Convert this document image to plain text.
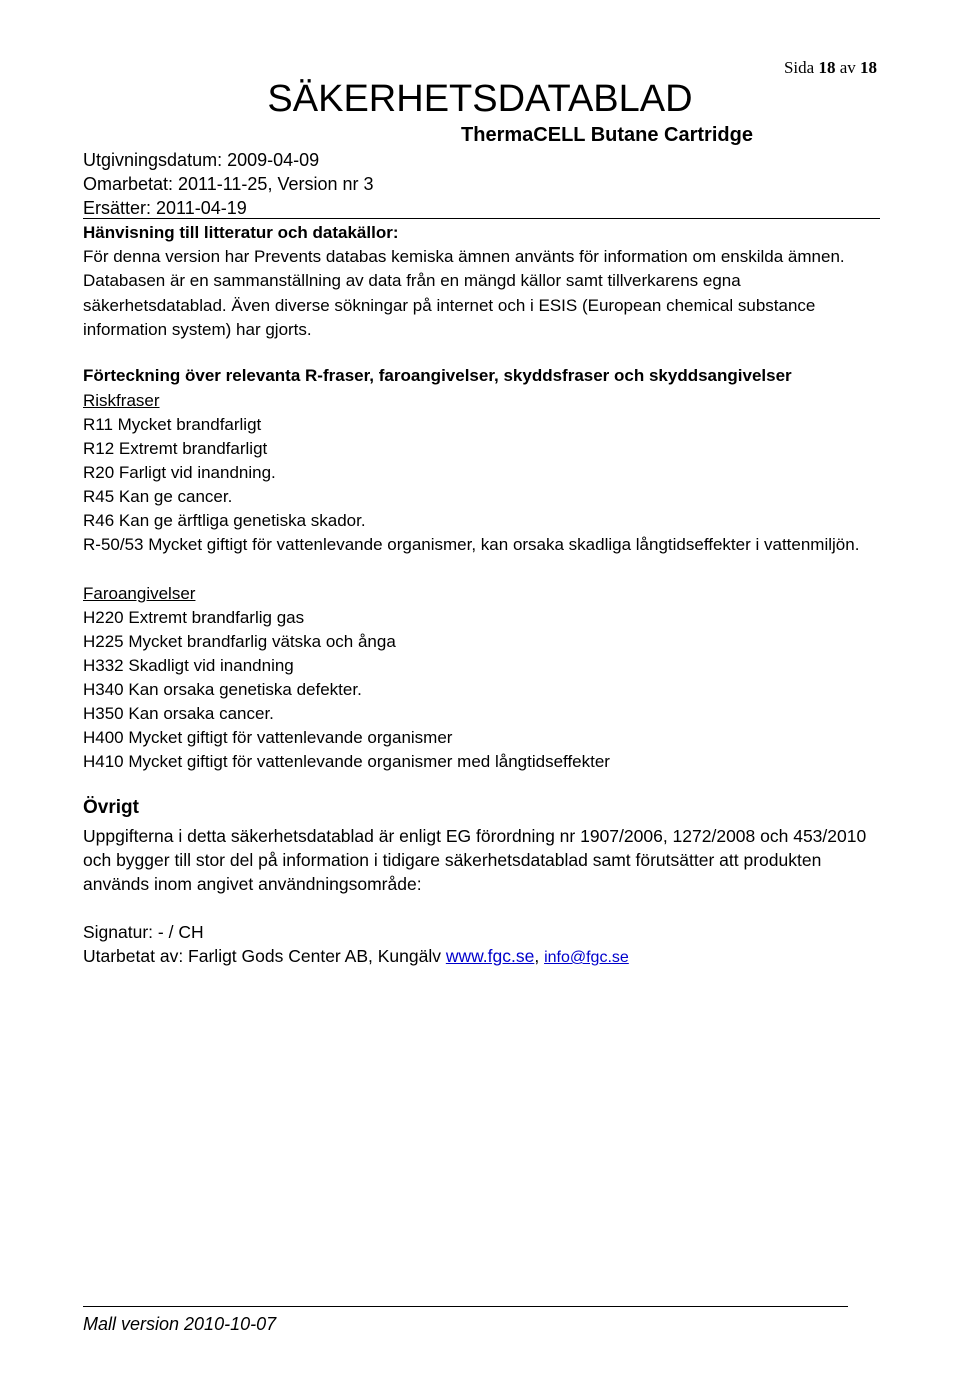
Sida 18 av 18
SÄKERHETSDATABLAD
ThermaCELL Butane Cartridge
Utgivningsdatum: 2009-04-09
Omarbetat: 2011-11-25, Version nr 3
Ersätter: 2011-04-19
Hänvisning till litteratur och datakällor:
För denna version har Prevents databas kemiska ämnen använts för information om enskilda ämnen. Databasen är en sammanställning av data från en mängd källor samt tillverkarens egna säkerhetsdatablad. Även diverse sökningar på internet och i ESIS (European chemical substance information system) har gjorts.
Förteckning över relevanta R-fraser, faroangivelser, skyddsfraser och skyddsangivelser
Riskfraser
R11 Mycket brandfarligt
R12 Extremt brandfarligt
R20 Farligt vid inandning.
R45 Kan ge cancer.
R46 Kan ge ärftliga genetiska skador.
R-50/53 Mycket giftigt för vattenlevande organismer, kan orsaka skadliga långtidseffekter i vattenmiljön.
Faroangivelser
H220 Extremt brandfarlig gas
H225 Mycket brandfarlig vätska och ånga
H332 Skadligt vid inandning
H340 Kan orsaka genetiska defekter.
H350 Kan orsaka cancer.
H400 Mycket giftigt för vattenlevande organismer
H410 Mycket giftigt för vattenlevande organismer med långtidseffekter
Övrigt
Uppgifterna i detta säkerhetsdatablad är enligt EG förordning nr 1907/2006, 1272/2008 och 453/2010 och bygger till stor del på information i tidigare säkerhetsdatablad samt förutsätter att produkten används inom angivet användningsområde:
Signatur: - / CH
Utarbetat av: Farligt Gods Center AB, Kungälv www.fgc.se, info@fgc.se
Mall version 2010-10-07
